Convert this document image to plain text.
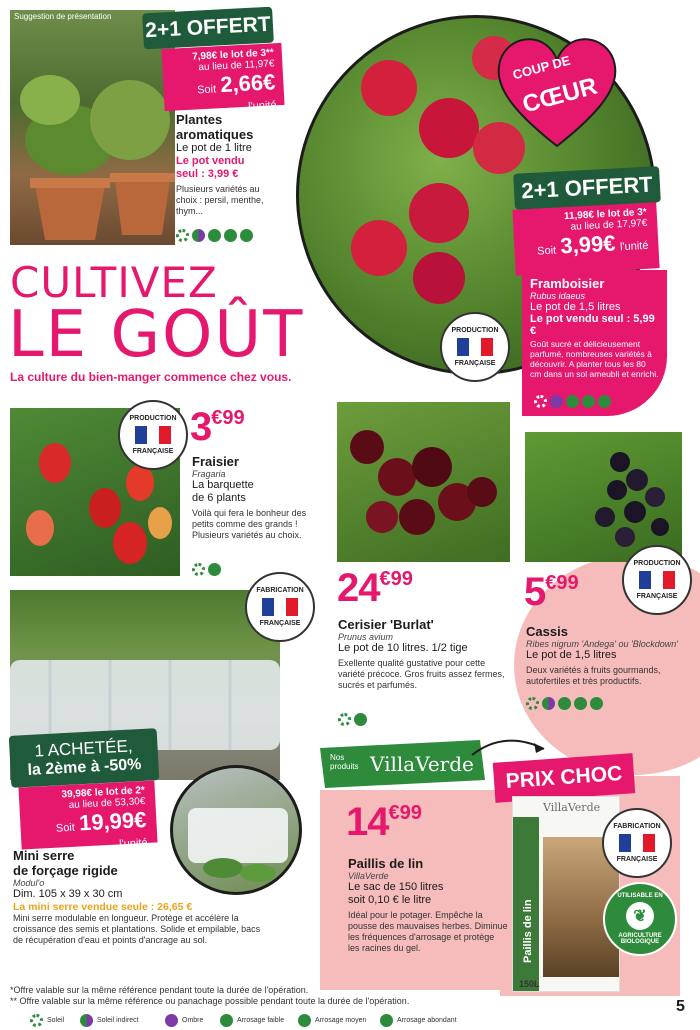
Suggestion de présentation 2+1 OFFERT
7,98€ le lot de 3**
au lieu de 11,97€
Soit 2,66€ l'unité
Plantes
aromatiques
Le pot de 1 litre
Le pot vendu
seul : 3,99 €
Plusieurs variétés au choix : persil, menthe, thym...
COUP DE
CŒUR
2+1 OFFERT
11,98€ le lot de 3*
au lieu de 17,97€
Soit 3,99€ l'unité
Framboisier
Rubus idaeus
Le pot de 1,5 litres
Le pot vendu seul : 5,99 €
Goût sucré et délicieusement parfumé, nombreuses variétés à découvrir. A planter tous les 80 cm dans un sol ameubli et enrichi.
PRODUCTION
FRANÇAISE
CULTIVEZ
LE GOÛT
La culture du bien-manger commence chez vous.
PRODUCTION
FRANÇAISE
3€99
Fraisier
Fragaria
La barquette
de 6 plants
Voilà qui fera le bonheur des petits comme des grands ! Plusieurs variétés au choix.
24€99
Cerisier 'Burlat'
Prunus avium
Le pot de 10 litres. 1/2 tige
Exellente qualité gustative pour cette variété précoce. Gros fruits assez fermes, sucrés et parfumés.
PRODUCTION
FRANÇAISE
5€99
Cassis
Ribes nigrum 'Andega' ou 'Blockdown'
Le pot de 1,5 litres
Deux variétés à fruits gourmands, autofertiles et très productifs.
FABRICATION
FRANÇAISE
1 ACHETÉE,
la 2ème à -50%
39,98€ le lot de 2*
au lieu de 53,30€
Soit 19,99€ l'unité
Mini serre
de forçage rigide
Modul'o
Dim. 105 x 39 x 30 cm
La mini serre vendue seule : 26,65 €
Mini serre modulable en longueur. Protège et accélère la croissance des semis et plantations. Solide et empilable, bacs de récupération d'eau et points d'ancrage au sol.
Nos produits VillaVerde PRIX CHOC
VillaVerde
Paillis de lin
150L
FABRICATION
FRANÇAISE
UTILISABLE EN
❦
AGRICULTURE BIOLOGIQUE
14€99
Paillis de lin
VillaVerde
Le sac de 150 litres
soit 0,10 € le litre
Idéal pour le potager. Empêche la pousse des mauvaises herbes. Diminue les fréquences d'arrosage et protège les racines du gel.
*Offre valable sur la même référence pendant toute la durée de l'opération.
** Offre valable sur la même référence ou panachage possible pendant toute la durée de l'opération.	5
Soleil	Soleil indirect	Ombre	Arrosage faible	Arrosage moyen	Arrosage abondant
